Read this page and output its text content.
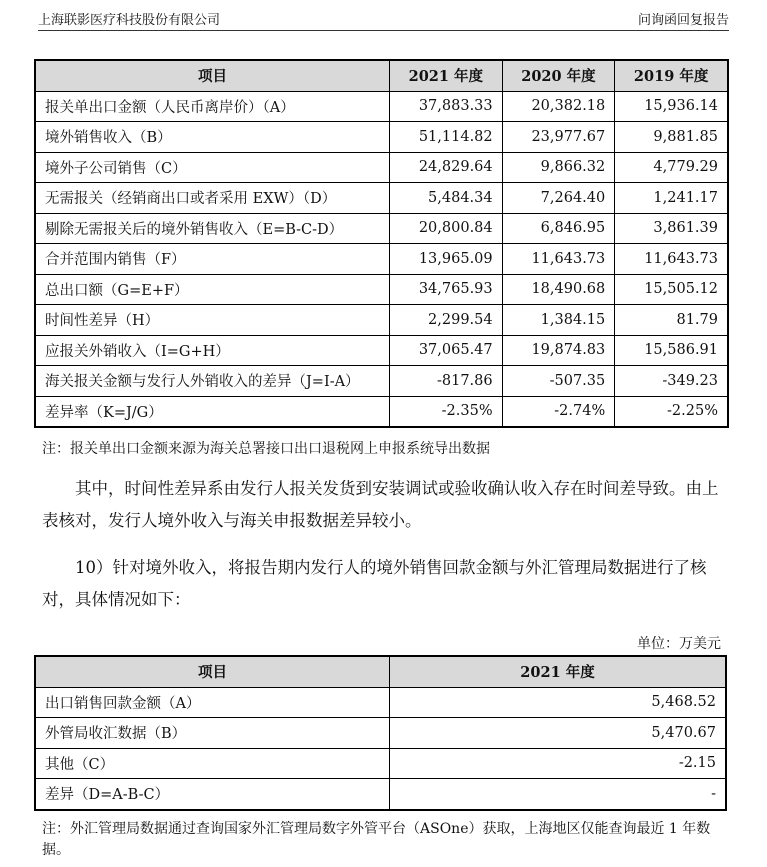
上海联影医疗科技股份有限公司	问询函回复报告
项目	2021 年度	2020 年度	2019 年度
报关单出口金额（人民币离岸价）（A）	37,883.33	20,382.18	15,936.14
境外销售收入（B）	51,114.82	23,977.67	9,881.85
境外子公司销售（C）	24,829.64	9,866.32	4,779.29
无需报关（经销商出口或者采用 EXW）（D）	5,484.34	7,264.40	1,241.17
剔除无需报关后的境外销售收入（E=B-C-D）	20,800.84	6,846.95	3,861.39
合并范围内销售（F）	13,965.09	11,643.73	11,643.73
总出口额（G=E+F）	34,765.93	18,490.68	15,505.12
时间性差异（H）	2,299.54	1,384.15	81.79
应报关外销收入（I=G+H）	37,065.47	19,874.83	15,586.91
海关报关金额与发行人外销收入的差异（J=I-A）	-817.86	-507.35	-349.23
差异率（K=J/G）	-2.35%	-2.74%	-2.25%
注：报关单出口金额来源为海关总署接口出口退税网上申报系统导出数据
　　其中，时间性差异系由发行人报关发货到安装调试或验收确认收入存在时间差导致。由上表核对，发行人境外收入与海关申报数据差异较小。
　　10）针对境外收入，将报告期内发行人的境外销售回款金额与外汇管理局数据进行了核对，具体情况如下：
单位：万美元
项目	2021 年度
出口销售回款金额（A）	5,468.52
外管局收汇数据（B）	5,470.67
其他（C）	-2.15
差异（D=A-B-C）	-
注：外汇管理局数据通过查询国家外汇管理局数字外管平台（ASOne）获取，上海地区仅能查询最近 1 年数据。
